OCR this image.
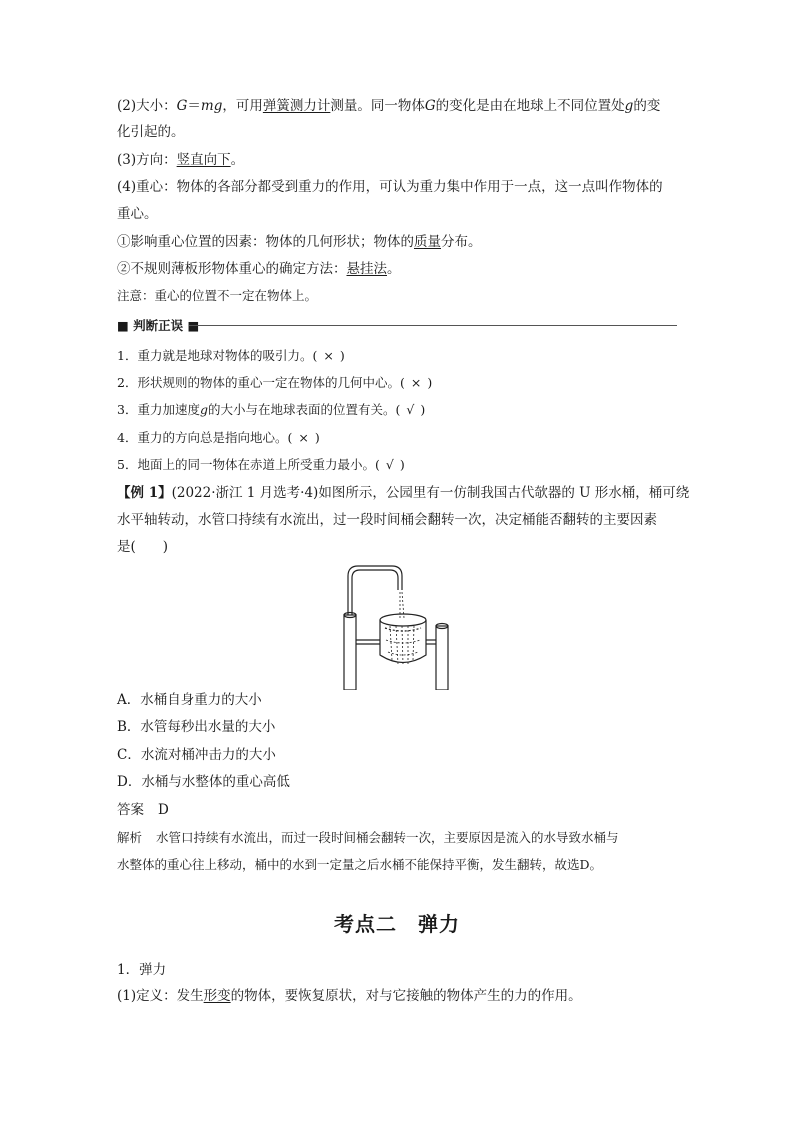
(2)大小：G＝mg，可用弹簧测力计测量。同一物体G的变化是由在地球上不同位置处g的变
化引起的。
(3)方向：竖直向下。
(4)重心：物体的各部分都受到重力的作用，可认为重力集中作用于一点，这一点叫作物体的
重心。
①影响重心位置的因素：物体的几何形状；物体的质量分布。
②不规则薄板形物体重心的确定方法：悬挂法。
注意：重心的位置不一定在物体上。
■ 判断正误 ■
1．重力就是地球对物体的吸引力。( × )
2．形状规则的物体的重心一定在物体的几何中心。( × )
3．重力加速度g的大小与在地球表面的位置有关。( √ )
4．重力的方向总是指向地心。( × )
5．地面上的同一物体在赤道上所受重力最小。( √ )
【例 1】(2022·浙江 1 月选考·4)如图所示，公园里有一仿制我国古代欹器的 U 形水桶，桶可绕
水平轴转动，水管口持续有水流出，过一段时间桶会翻转一次，决定桶能否翻转的主要因素
是(　　)
A．水桶自身重力的大小
B．水管每秒出水量的大小
C．水流对桶冲击力的大小
D．水桶与水整体的重心高低
答案 D
解析 水管口持续有水流出，而过一段时间桶会翻转一次，主要原因是流入的水导致水桶与
水整体的重心往上移动，桶中的水到一定量之后水桶不能保持平衡，发生翻转，故选D。
考点二　弹力
1．弹力
(1)定义：发生形变的物体，要恢复原状，对与它接触的物体产生的力的作用。
